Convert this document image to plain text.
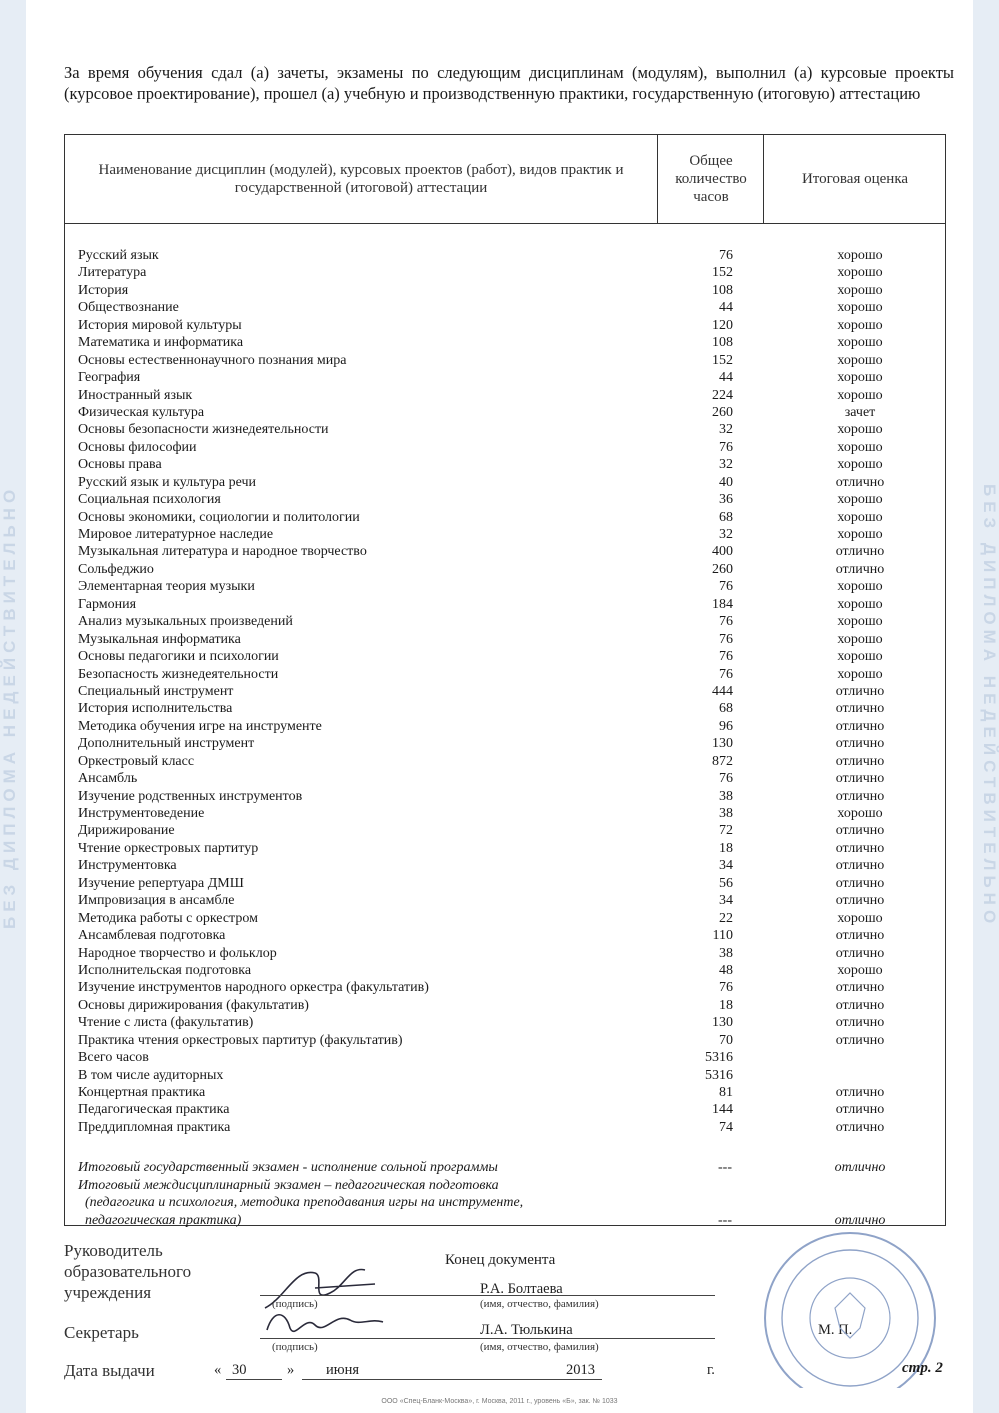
БЕЗ ДИПЛОМА НЕДЕЙСТВИТЕЛЬНО	БЕЗ ДИПЛОМА НЕДЕЙСТВИТЕЛЬНО
За время обучения сдал (а) зачеты, экзамены по следующим дисциплинам (модулям), выполнил (а) курсовые проекты (курсовое проектирование), прошел (а) учебную и производственную практики, государственную (итоговую) аттестацию
Наименование дисциплин (модулей), курсовых проектов (работ), видов практик и государственной (итоговой) аттестации
Общее количество часов
Итоговая оценка
Русский язык	76	хорошо
Литература	152	хорошо
История	108	хорошо
Обществознание	44	хорошо
История мировой культуры	120	хорошо
Математика и информатика	108	хорошо
Основы естественнонаучного познания мира	152	хорошо
География	44	хорошо
Иностранный язык	224	хорошо
Физическая культура	260	зачет
Основы безопасности жизнедеятельности	32	хорошо
Основы философии	76	хорошо
Основы права	32	хорошо
Русский язык и культура речи	40	отлично
Социальная психология	36	хорошо
Основы экономики, социологии и политологии	68	хорошо
Мировое литературное наследие	32	хорошо
Музыкальная литература и народное творчество	400	отлично
Сольфеджио	260	отлично
Элементарная теория музыки	76	хорошо
Гармония	184	хорошо
Анализ музыкальных произведений	76	хорошо
Музыкальная информатика	76	хорошо
Основы педагогики и психологии	76	хорошо
Безопасность жизнедеятельности	76	хорошо
Специальный инструмент	444	отлично
История исполнительства	68	отлично
Методика обучения игре на инструменте	96	отлично
Дополнительный инструмент	130	отлично
Оркестровый класс	872	отлично
Ансамбль	76	отлично
Изучение родственных инструментов	38	отлично
Инструментоведение	38	хорошо
Дирижирование	72	отлично
Чтение оркестровых партитур	18	отлично
Инструментовка	34	отлично
Изучение репертуара ДМШ	56	отлично
Импровизация в ансамбле	34	отлично
Методика работы с оркестром	22	хорошо
Ансамблевая подготовка	110	отлично
Народное творчество и фольклор	38	отлично
Исполнительская подготовка	48	хорошо
Изучение инструментов народного оркестра (факультатив)	76	отлично
Основы дирижирования (факультатив)	18	отлично
Чтение с листа (факультатив)	130	отлично
Практика чтения оркестровых партитур (факультатив)	70	отлично
Всего часов	5316
В том числе аудиторных	5316
Концертная практика	81	отлично
Педагогическая практика	144	отлично
Преддипломная практика	74	отлично
Итоговый государственный экзамен - исполнение сольной программы	---	отлично
Итоговый междисциплинарный экзамен – педагогическая подготовка
(педагогика и психология, методика преподавания игры на инструменте,
педагогическая практика)	---	отлично
Руководитель образовательного учреждения
Конец документа
Р.А. Болтаева
(подпись)	(имя, отчество, фамилия)
Секретарь	Л.А. Тюлькина
(подпись)	(имя, отчество, фамилия)
М. П.
Дата выдачи	« 30	» июня	2013	г.	стр. 2
ООО «Спец-Бланк-Москва», г. Москва, 2011 г., уровень «Б», зак. № 1033
